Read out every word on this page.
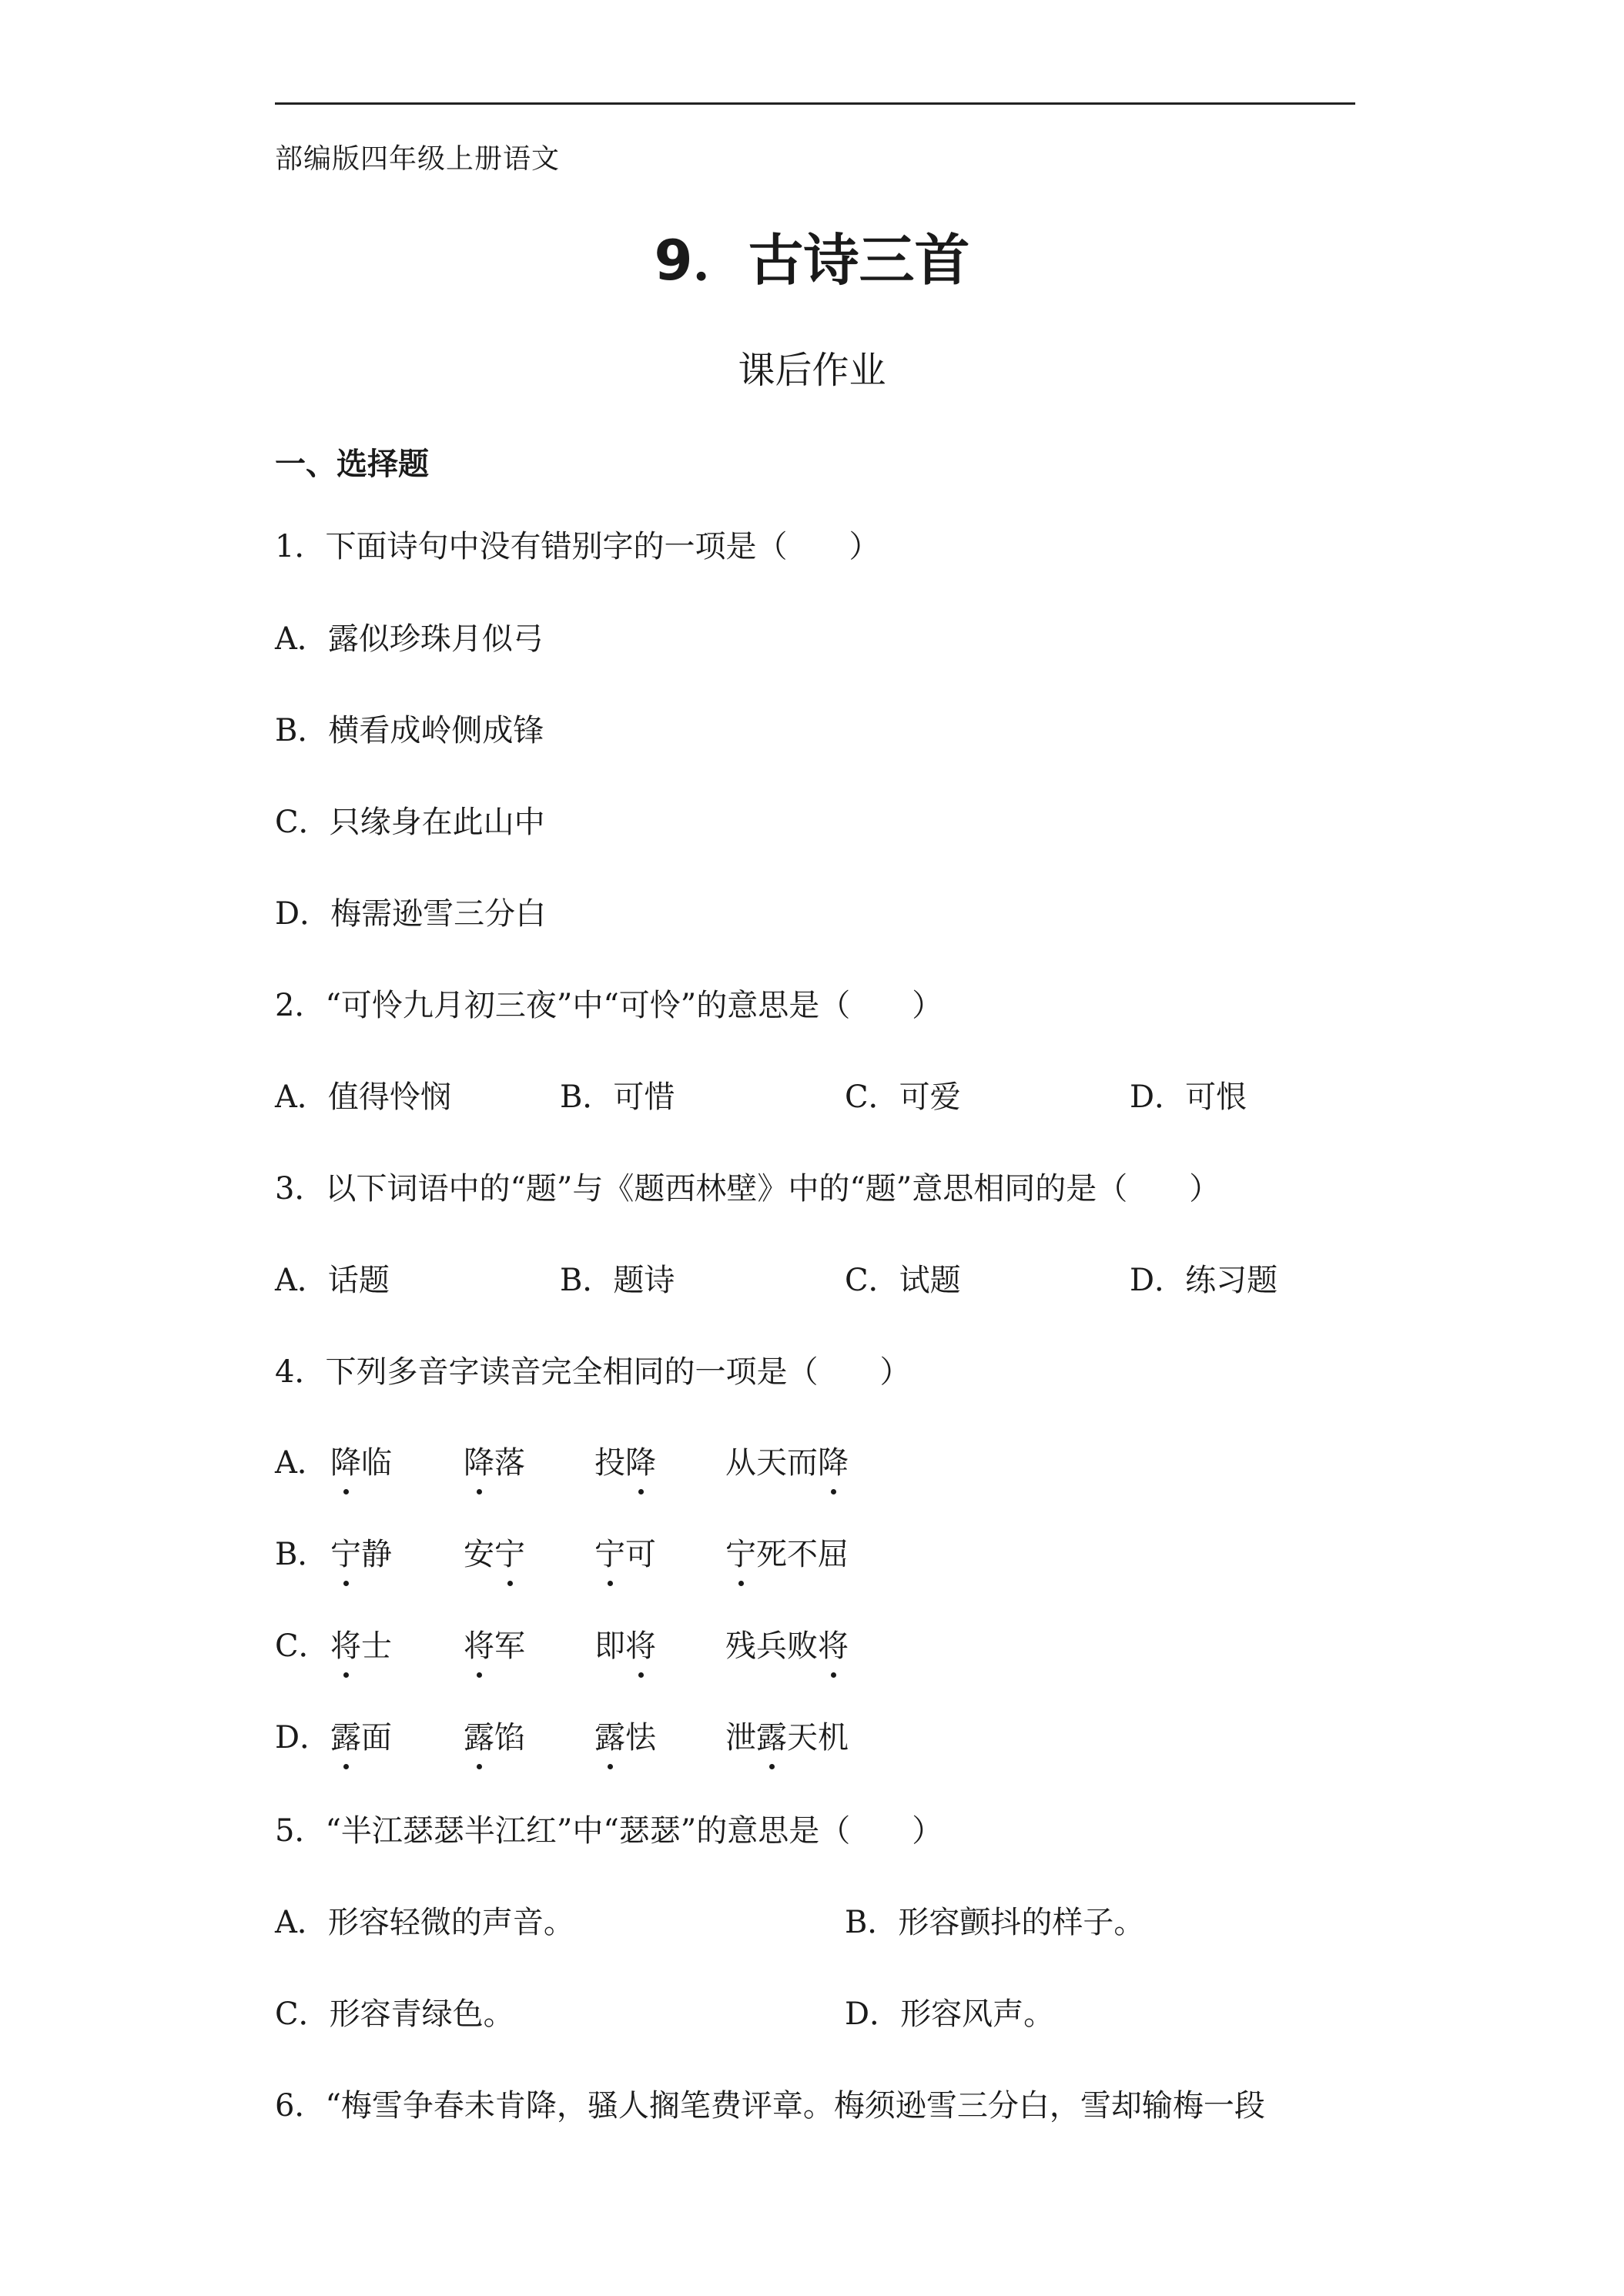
部编版四年级上册语文
9．古诗三首
课后作业
一、选择题
1．下面诗句中没有错别字的一项是（　　）
A．露似珍珠月似弓
B．横看成岭侧成锋
C．只缘身在此山中
D．梅需逊雪三分白
2．“可怜九月初三夜”中“可怜”的意思是（　　）
A．值得怜悯	B．可惜	C．可爱	D．可恨
3．以下词语中的“题”与《题西林壁》中的“题”意思相同的是（　　）
A．话题	B．题诗	C．试题	D．练习题
4．下列多音字读音完全相同的一项是（　　）
A． 降临 降落 投降 从天而降
B． 宁静 安宁 宁可 宁死不屈
C． 将士 将军 即将 残兵败将
D． 露面 露馅 露怯 泄露天机
5．“半江瑟瑟半江红”中“瑟瑟”的意思是（　　）
A．形容轻微的声音。	B．形容颤抖的样子。
C．形容青绿色。	D．形容风声。
6．“梅雪争春未肯降，骚人搁笔费评章。梅须逊雪三分白，雪却输梅一段
